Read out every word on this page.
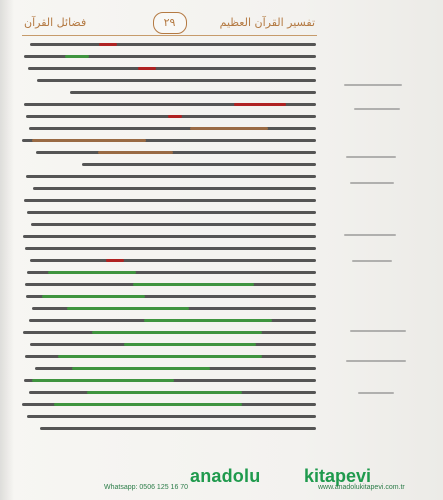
فضائل القرآن	٢٩	تفسير القرآن العظيم
anadolu kitapevi
Whatsapp: 0506 125 16 70	www.anadolukitapevi.com.tr
